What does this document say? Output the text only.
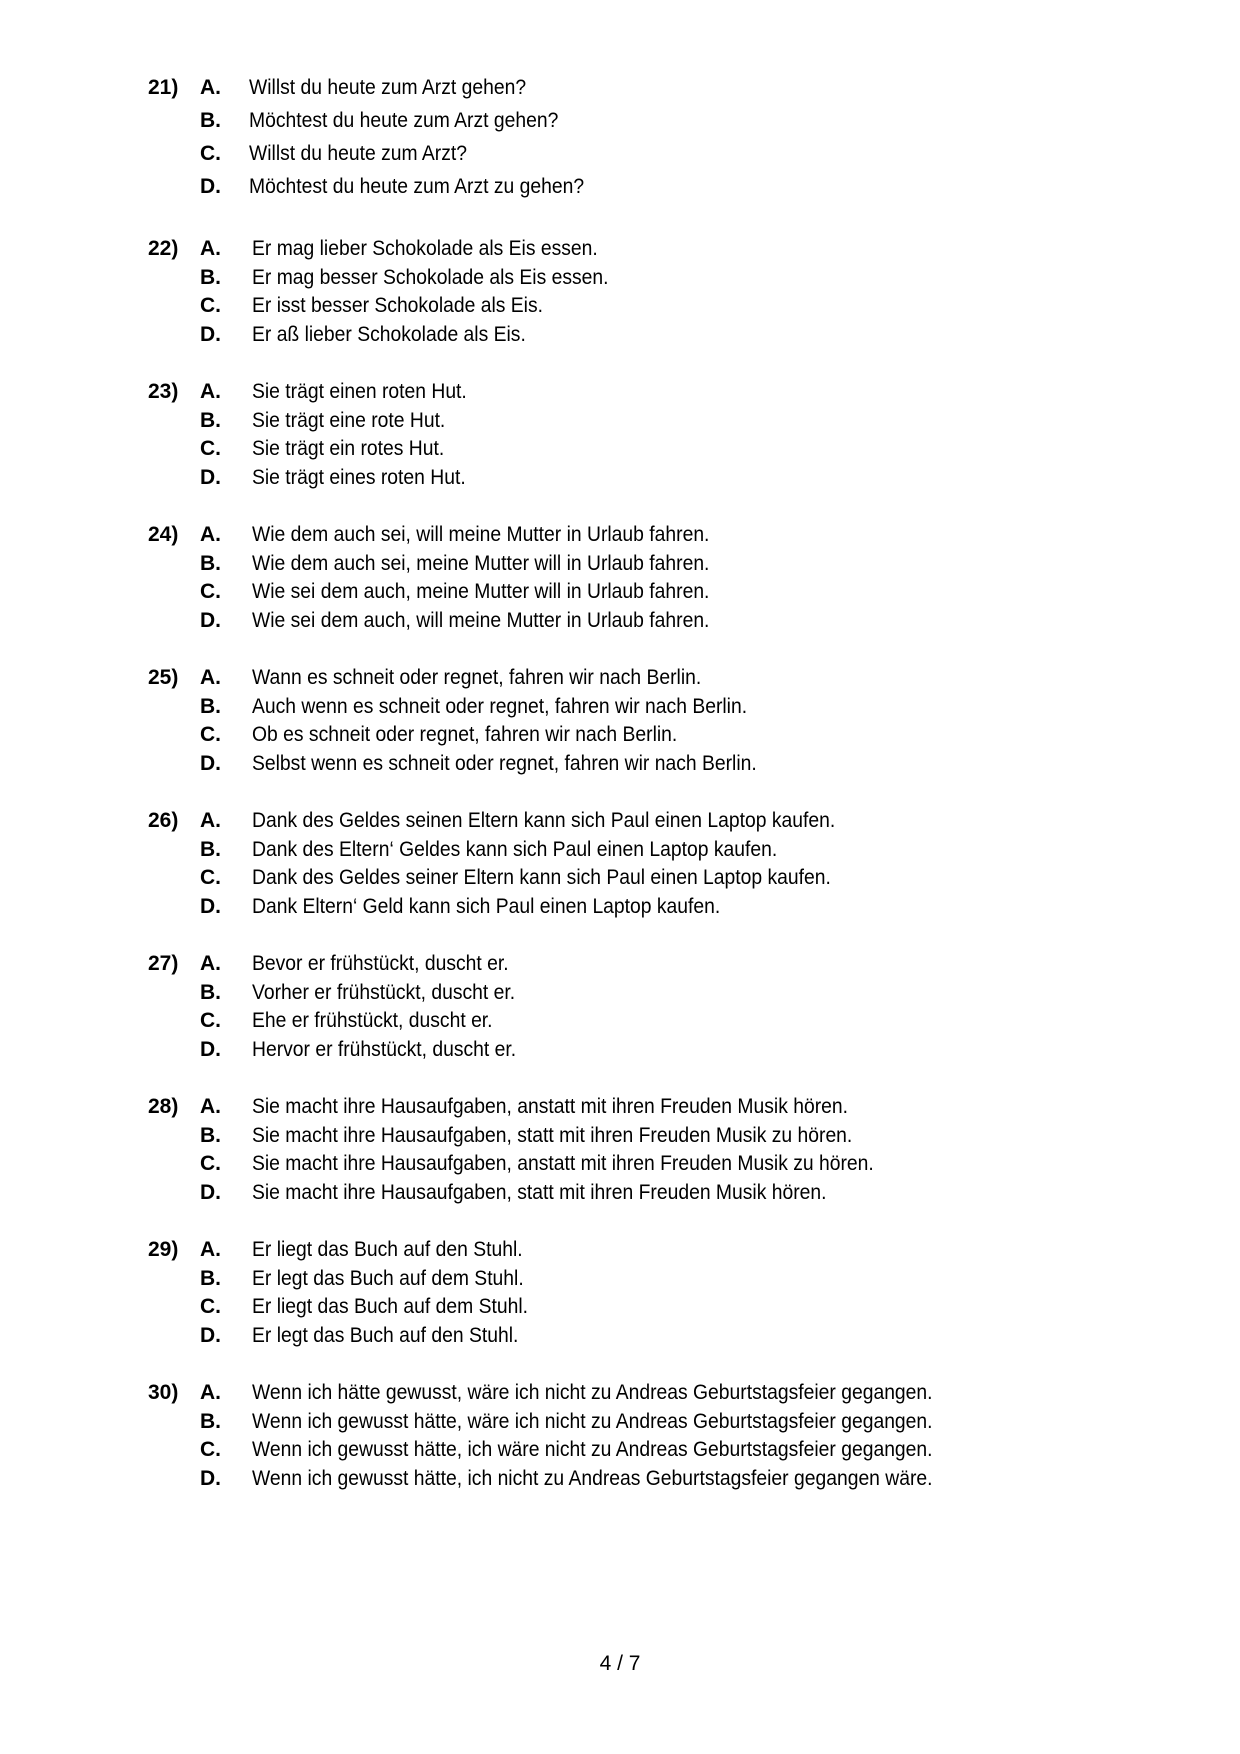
21) A. Willst du heute zum Arzt gehen?
B. Möchtest du heute zum Arzt gehen?
C. Willst du heute zum Arzt?
D. Möchtest du heute zum Arzt zu gehen?
22) A. Er mag lieber Schokolade als Eis essen.
B. Er mag besser Schokolade als Eis essen.
C. Er isst besser Schokolade als Eis.
D. Er aß lieber Schokolade als Eis.
23) A. Sie trägt einen roten Hut.
B. Sie trägt eine rote Hut.
C. Sie trägt ein rotes Hut.
D. Sie trägt eines roten Hut.
24) A. Wie dem auch sei, will meine Mutter in Urlaub fahren.
B. Wie dem auch sei, meine Mutter will in Urlaub fahren.
C. Wie sei dem auch, meine Mutter will in Urlaub fahren.
D. Wie sei dem auch, will meine Mutter in Urlaub fahren.
25) A. Wann es schneit oder regnet, fahren wir nach Berlin.
B. Auch wenn es schneit oder regnet, fahren wir nach Berlin.
C. Ob es schneit oder regnet, fahren wir nach Berlin.
D. Selbst wenn es schneit oder regnet, fahren wir nach Berlin.
26) A. Dank des Geldes seinen Eltern kann sich Paul einen Laptop kaufen.
B. Dank des Eltern‘ Geldes kann sich Paul einen Laptop kaufen.
C. Dank des Geldes seiner Eltern kann sich Paul einen Laptop kaufen.
D. Dank Eltern‘ Geld kann sich Paul einen Laptop kaufen.
27) A. Bevor er frühstückt, duscht er.
B. Vorher er frühstückt, duscht er.
C. Ehe er frühstückt, duscht er.
D. Hervor er frühstückt, duscht er.
28) A. Sie macht ihre Hausaufgaben, anstatt mit ihren Freuden Musik hören.
B. Sie macht ihre Hausaufgaben, statt mit ihren Freuden Musik zu hören.
C. Sie macht ihre Hausaufgaben, anstatt mit ihren Freuden Musik zu hören.
D. Sie macht ihre Hausaufgaben, statt mit ihren Freuden Musik hören.
29) A. Er liegt das Buch auf den Stuhl.
B. Er legt das Buch auf dem Stuhl.
C. Er liegt das Buch auf dem Stuhl.
D. Er legt das Buch auf den Stuhl.
30) A. Wenn ich hätte gewusst, wäre ich nicht zu Andreas Geburtstagsfeier gegangen.
B. Wenn ich gewusst hätte, wäre ich nicht zu Andreas Geburtstagsfeier gegangen.
C. Wenn ich gewusst hätte, ich wäre nicht zu Andreas Geburtstagsfeier gegangen.
D. Wenn ich gewusst hätte, ich nicht zu Andreas Geburtstagsfeier gegangen wäre.
4 / 7
